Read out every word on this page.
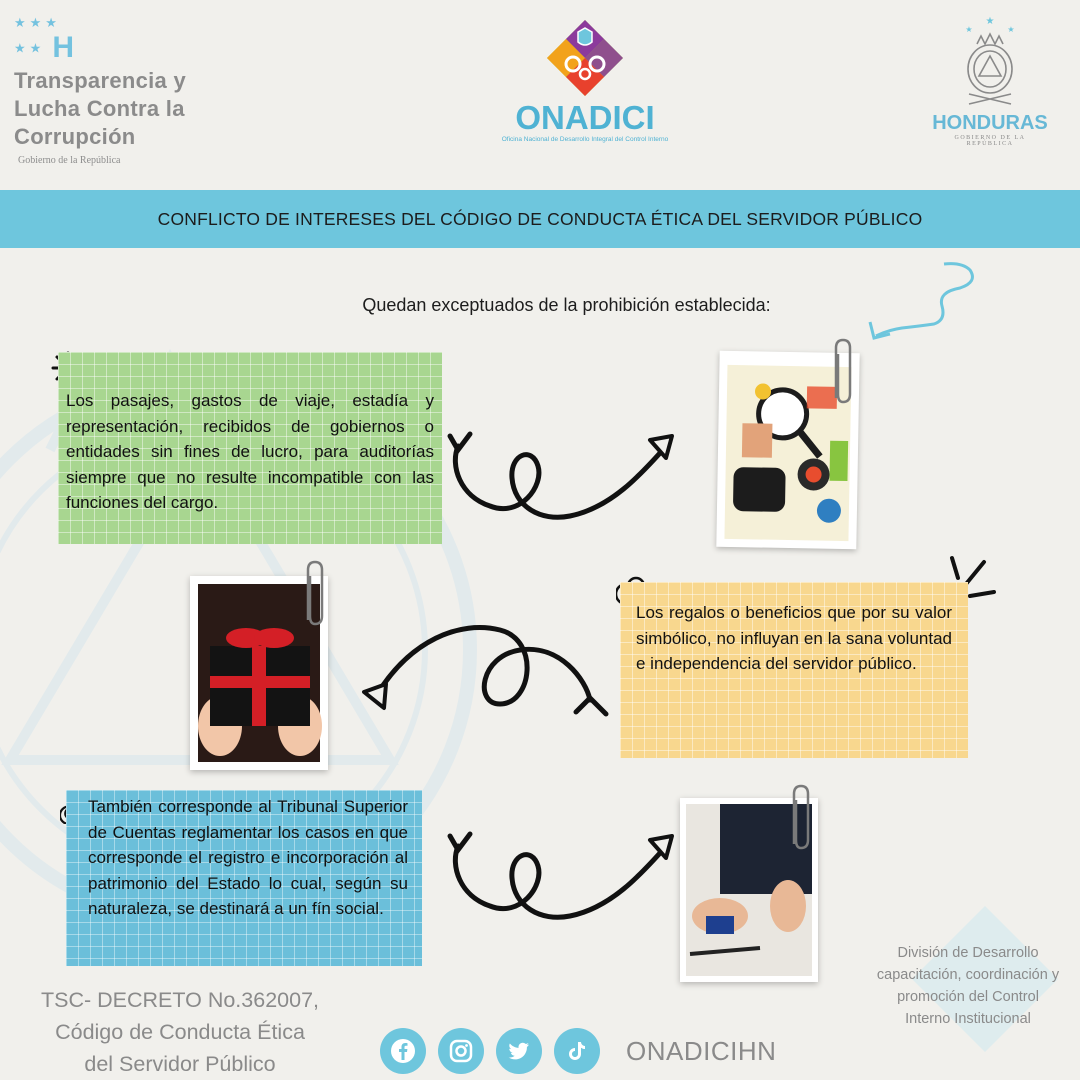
★★★
★★ H
Transparencia y
Lucha Contra la
Corrupción
Gobierno de la República
ONADICI
Oficina Nacional de Desarrollo Integral del Control Interno
★
★	★
HONDURAS
GOBIERNO DE LA REPÚBLICA
CONFLICTO DE INTERESES DEL CÓDIGO DE CONDUCTA ÉTICA DEL SERVIDOR PÚBLICO
Quedan exceptuados de la prohibición establecida:
Los pasajes, gastos de viaje, estadía y representación, recibidos de gobiernos o entidades sin fines de lucro, para auditorías siempre que no resulte incompatible con las funciones del cargo.
Los regalos o beneficios que por su valor simbólico, no influyan en la sana voluntad e independencia del servidor público.
También corresponde al Tribunal Superior de Cuentas reglamentar los casos en que corresponde el registro e incorporación al patrimonio del Estado lo cual, según su naturaleza, se destinará a un fín social.
TSC- DECRETO No.362007,
Código de Conducta Ética
del Servidor Público
División de Desarrollo
capacitación, coordinación y
promoción del Control
Interno Institucional
ONADICIHN
